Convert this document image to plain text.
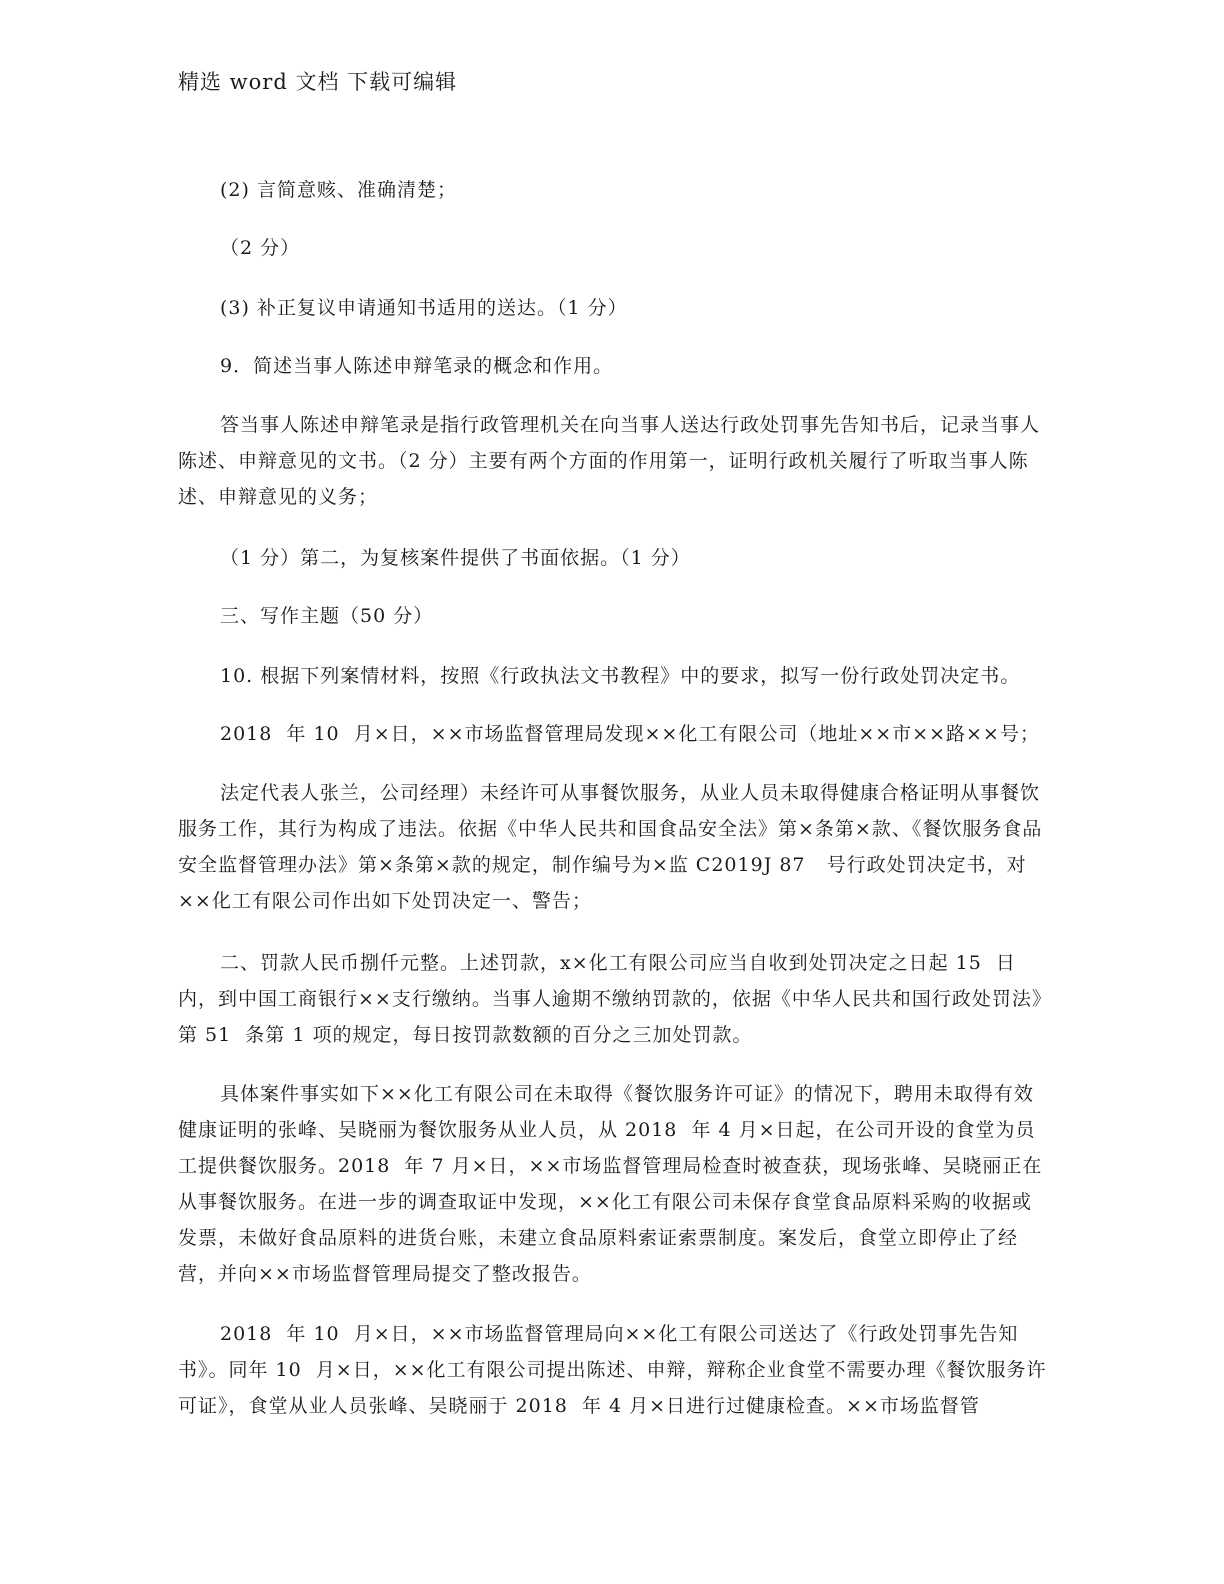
精选 word 文档 下载可编辑
(2) 言简意赅、准确清楚；
（2 分）
(3) 补正复议申请通知书适用的送达。（1 分）
9．简述当事人陈述申辩笔录的概念和作用。
答当事人陈述申辩笔录是指行政管理机关在向当事人送达行政处罚事先告知书后，记录当事人陈述、申辩意见的文书。（2 分）主要有两个方面的作用第一，证明行政机关履行了听取当事人陈述、申辩意见的义务；
（1 分）第二，为复核案件提供了书面依据。（1 分）
三、写作主题（50 分）
10. 根据下列案情材料，按照《行政执法文书教程》中的要求，拟写一份行政处罚决定书。
2018  年 10  月×日，××市场监督管理局发现××化工有限公司（地址××市××路××号；
法定代表人张兰，公司经理）未经许可从事餐饮服务，从业人员未取得健康合格证明从事餐饮服务工作，其行为构成了违法。依据《中华人民共和国食品安全法》第×条第×款、《餐饮服务食品安全监督管理办法》第×条第×款的规定，制作编号为×监 C2019J 87   号行政处罚决定书，对××化工有限公司作出如下处罚决定一、警告；
二、罚款人民币捌仟元整。上述罚款，x×化工有限公司应当自收到处罚决定之日起 15  日内，到中国工商银行××支行缴纳。当事人逾期不缴纳罚款的，依据《中华人民共和国行政处罚法》第 51  条第 1 项的规定，每日按罚款数额的百分之三加处罚款。
具体案件事实如下××化工有限公司在未取得《餐饮服务许可证》的情况下，聘用未取得有效健康证明的张峰、吴晓丽为餐饮服务从业人员，从 2018  年 4 月×日起，在公司开设的食堂为员工提供餐饮服务。2018  年 7 月×日，××市场监督管理局检查时被查获，现场张峰、吴晓丽正在从事餐饮服务。在进一步的调查取证中发现，××化工有限公司未保存食堂食品原料采购的收据或发票，未做好食品原料的进货台账，未建立食品原料索证索票制度。案发后，食堂立即停止了经营，并向××市场监督管理局提交了整改报告。
2018  年 10  月×日，××市场监督管理局向××化工有限公司送达了《行政处罚事先告知书》。同年 10  月×日，××化工有限公司提出陈述、申辩，辩称企业食堂不需要办理《餐饮服务许可证》，食堂从业人员张峰、吴晓丽于 2018  年 4 月×日进行过健康检查。××市场监督管
